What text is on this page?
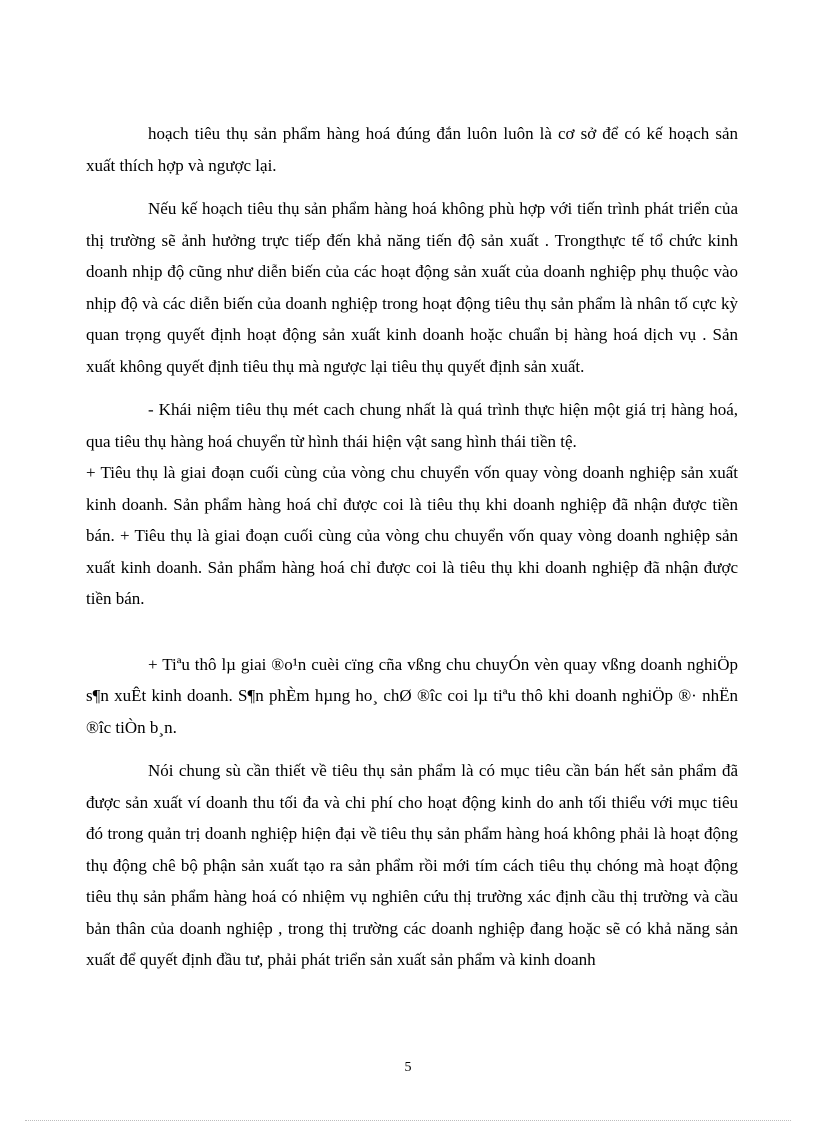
hoạch tiêu thụ sản phẩm hàng hoá đúng đắn luôn luôn là cơ sở để có kế hoạch sản xuất thích hợp và ngược lại.

Nếu kế hoạch tiêu thụ sản phẩm hàng hoá không phù hợp với tiến trình phát triển của thị trường sẽ ảnh hưởng trực tiếp đến khả năng tiến độ sản xuất . Trongthực tế tổ chức kinh doanh nhịp độ cũng như diễn biến của các hoạt động sản xuất của doanh nghiệp phụ thuộc vào nhịp độ và các diễn biến của doanh nghiệp trong hoạt động tiêu thụ sản phẩm là nhân tố cực kỳ quan trọng quyết định hoạt động sản xuất kinh doanh hoặc chuẩn bị hàng hoá dịch vụ . Sản xuất không quyết định tiêu thụ mà ngược lại tiêu thụ quyết định sản xuất.

- Khái niệm tiêu thụ mét cach chung nhất là quá trình thực hiện một giá trị hàng hoá, qua tiêu thụ hàng hoá chuyển từ hình thái hiện vật sang hình thái tiền tệ.

+ Tiêu thụ là giai đoạn cuối cùng của vòng chu chuyển vốn quay vòng doanh nghiệp sản xuất kinh doanh. Sản phẩm hàng hoá chỉ được coi là tiêu thụ khi doanh nghiệp đã nhận được tiền bán. + Tiêu thụ là giai đoạn cuối cùng của vòng chu chuyển vốn quay vòng doanh nghiệp sản xuất kinh doanh. Sản phẩm hàng hoá chỉ được coi là tiêu thụ khi doanh nghiệp đã nhận được tiền bán.

+ Tiªu thô lµ giai ®o¹n cuèi cïng cña vßng chu chuyÓn vèn quay vßng doanh nghiÖp s¶n xuÊt kinh doanh. S¶n phÈm hµng ho¸ chØ ®îc coi lµ tiªu thô khi doanh nghiÖp ®· nhËn ®îc tiÒn b¸n.

Nói chung sù cần thiết về tiêu thụ sản phẩm là có mục tiêu cần bán hết sản phẩm đã được sản xuất ví doanh thu tối đa và chi phí cho hoạt động kinh do anh tối thiểu với mục tiêu đó trong quản trị doanh nghiệp hiện đại về tiêu thụ sản phẩm hàng hoá không phải là hoạt động thụ động chê bộ phận sản xuất tạo ra sản phẩm rồi mới tím cách tiêu thụ chóng mà hoạt động tiêu thụ sản phẩm hàng hoá có nhiệm vụ nghiên cứu thị trường xác định cầu thị trường và cầu bản thân của doanh nghiệp , trong thị trường các doanh nghiệp đang hoặc sẽ có khả năng sản xuất để quyết định đầu tư, phải phát triển sản xuất sản phẩm và kinh doanh

5
